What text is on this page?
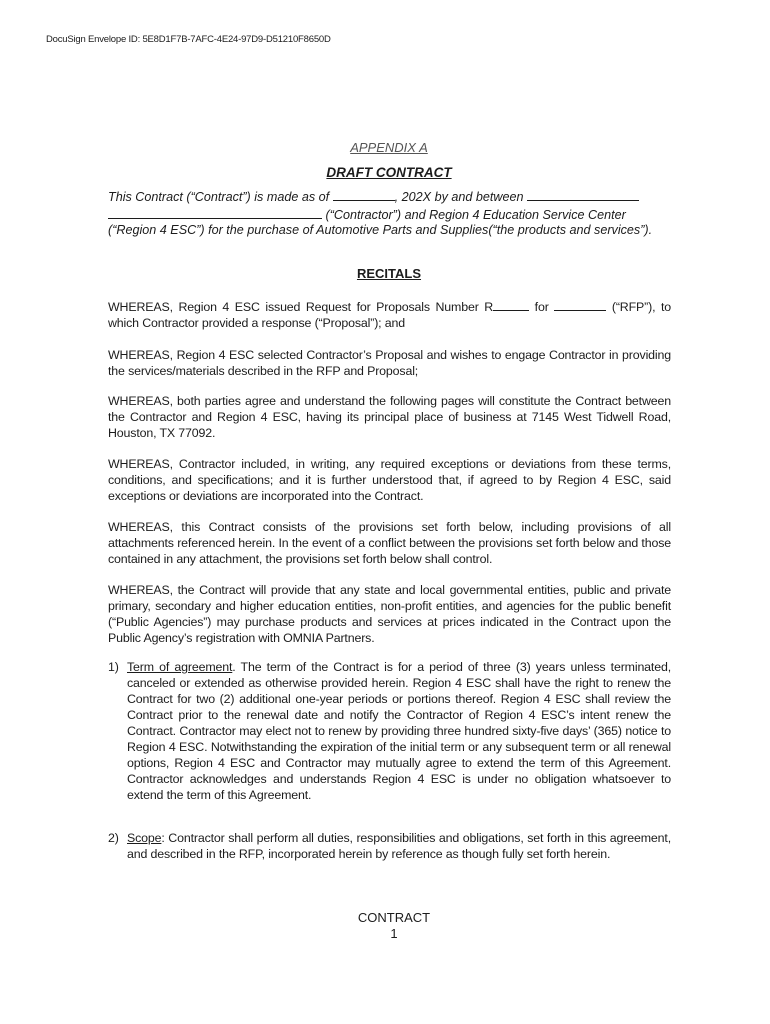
DocuSign Envelope ID: 5E8D1F7B-7AFC-4E24-97D9-D51210F8650D
APPENDIX A
DRAFT CONTRACT
This Contract (“Contract”) is made as of	, 202X by and between
(“Contractor”) and Region 4 Education Service Center
(“Region 4 ESC”) for the purchase of Automotive Parts and Supplies(“the products and services”).
RECITALS
WHEREAS, Region 4 ESC issued Request for Proposals Number R	for	(“RFP”), to which Contractor provided a response (“Proposal”); and
WHEREAS, Region 4 ESC selected Contractor’s Proposal and wishes to engage Contractor in providing the services/materials described in the RFP and Proposal;
WHEREAS, both parties agree and understand the following pages will constitute the Contract between the Contractor and Region 4 ESC, having its principal place of business at 7145 West Tidwell Road, Houston, TX 77092.
WHEREAS, Contractor included, in writing, any required exceptions or deviations from these terms, conditions, and specifications; and it is further understood that, if agreed to by Region 4 ESC, said exceptions or deviations are incorporated into the Contract.
WHEREAS, this Contract consists of the provisions set forth below, including provisions of all attachments referenced herein. In the event of a conflict between the provisions set forth below and those contained in any attachment, the provisions set forth below shall control.
WHEREAS, the Contract will provide that any state and local governmental entities, public and private primary, secondary and higher education entities, non-profit entities, and agencies for the public benefit (“Public Agencies”) may purchase products and services at prices indicated in the Contract upon the Public Agency’s registration with OMNIA Partners.
1) Term of agreement. The term of the Contract is for a period of three (3) years unless terminated, canceled or extended as otherwise provided herein. Region 4 ESC shall have the right to renew the Contract for two (2) additional one-year periods or portions thereof. Region 4 ESC shall review the Contract prior to the renewal date and notify the Contractor of Region 4 ESC’s intent renew the Contract. Contractor may elect not to renew by providing three hundred sixty-five days’ (365) notice to Region 4 ESC. Notwithstanding the expiration of the initial term or any subsequent term or all renewal options, Region 4 ESC and Contractor may mutually agree to extend the term of this Agreement. Contractor acknowledges and understands Region 4 ESC is under no obligation whatsoever to extend the term of this Agreement.
2) Scope: Contractor shall perform all duties, responsibilities and obligations, set forth in this agreement, and described in the RFP, incorporated herein by reference as though fully set forth herein.
CONTRACT
1
